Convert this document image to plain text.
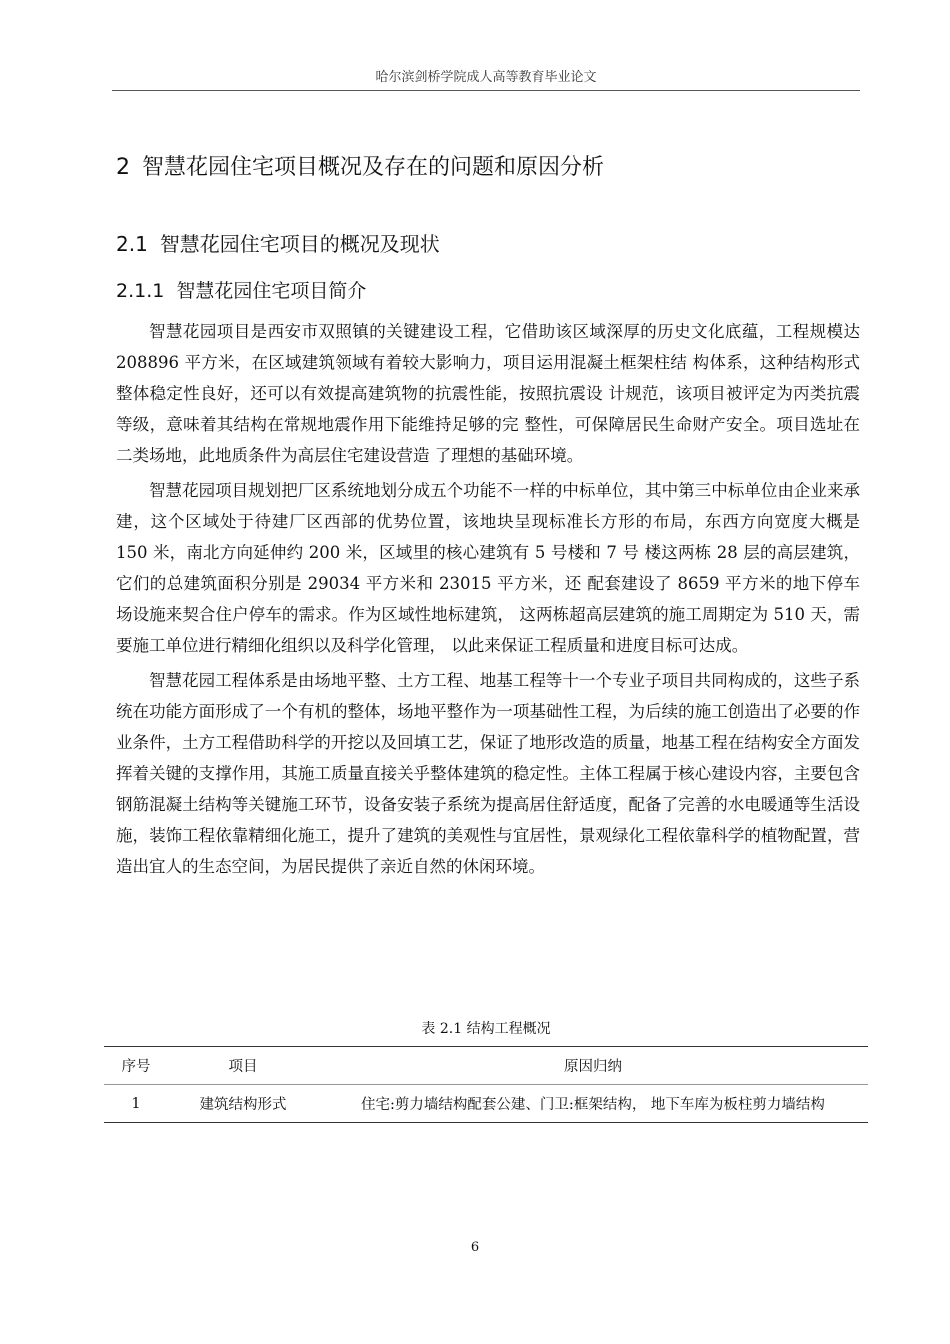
哈尔滨剑桥学院成人高等教育毕业论文
2 智慧花园住宅项目概况及存在的问题和原因分析
2.1 智慧花园住宅项目的概况及现状
2.1.1 智慧花园住宅项目简介

智慧花园项目是西安市双照镇的关键建设工程，它借助该区域深厚的历史文化底蕴，工程规模达 208896 平方米，在区域建筑领域有着较大影响力，项目运用混凝土框架柱结 构体系，这种结构形式整体稳定性良好，还可以有效提高建筑物的抗震性能，按照抗震设 计规范，该项目被评定为丙类抗震等级，意味着其结构在常规地震作用下能维持足够的完 整性，可保障居民生命财产安全。项目选址在二类场地，此地质条件为高层住宅建设营造 了理想的基础环境。

智慧花园项目规划把厂区系统地划分成五个功能不一样的中标单位，其中第三中标单位由企业来承建，这个区域处于待建厂区西部的优势位置，该地块呈现标准长方形的布局，东西方向宽度大概是 150 米，南北方向延伸约 200 米，区域里的核心建筑有 5 号楼和 7 号 楼这两栋 28 层的高层建筑，它们的总建筑面积分别是 29034 平方米和 23015 平方米，还 配套建设了 8659 平方米的地下停车场设施来契合住户停车的需求。作为区域性地标建筑， 这两栋超高层建筑的施工周期定为 510 天，需要施工单位进行精细化组织以及科学化管理， 以此来保证工程质量和进度目标可达成。

智慧花园工程体系是由场地平整、土方工程、地基工程等十一个专业子项目共同构成的，这些子系统在功能方面形成了一个有机的整体，场地平整作为一项基础性工程，为后续的施工创造出了必要的作业条件，土方工程借助科学的开挖以及回填工艺，保证了地形改造的质量，地基工程在结构安全方面发挥着关键的支撑作用，其施工质量直接关乎整体建筑的稳定性。主体工程属于核心建设内容，主要包含钢筋混凝土结构等关键施工环节，设备安装子系统为提高居住舒适度，配备了完善的水电暖通等生活设施，装饰工程依靠精细化施工，提升了建筑的美观性与宜居性，景观绿化工程依靠科学的植物配置，营造出宜人的生态空间，为居民提供了亲近自然的休闲环境。

表 2.1 结构工程概况
序号	项目	原因归纳
1	建筑结构形式	住宅:剪力墙结构配套公建、门卫:框架结构， 地下车库为板柱剪力墙结构
6
